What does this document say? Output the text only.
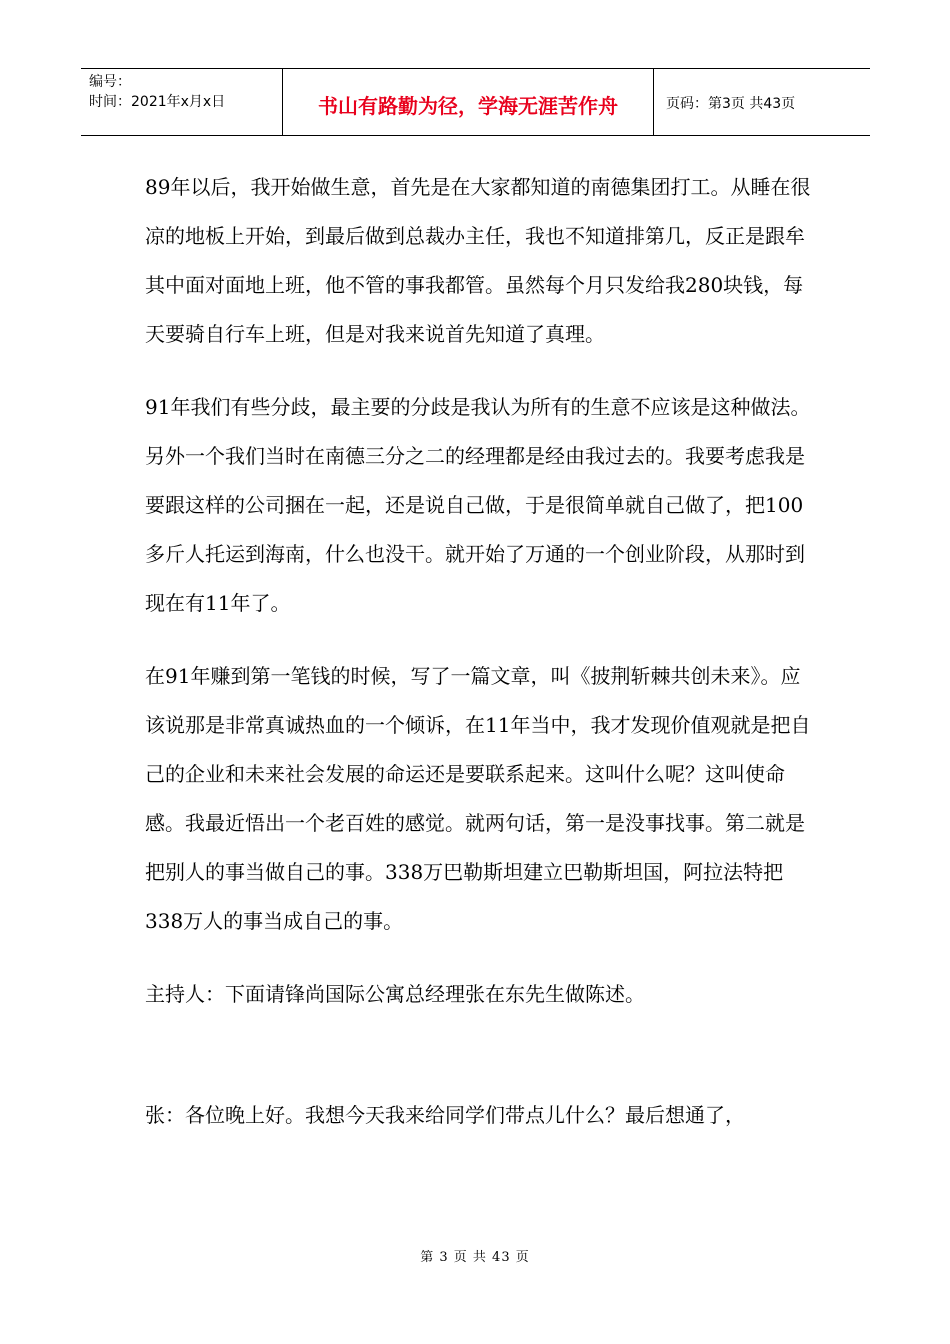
编号：
时间：2021年x月x日	书山有路勤为径，学海无涯苦作舟	页码：第3页 共43页

89年以后，我开始做生意，首先是在大家都知道的南德集团打工。从睡在很凉的地板上开始，到最后做到总裁办主任，我也不知道排第几，反正是跟牟其中面对面地上班，他不管的事我都管。虽然每个月只发给我280块钱，每天要骑自行车上班，但是对我来说首先知道了真理。

91年我们有些分歧，最主要的分歧是我认为所有的生意不应该是这种做法。另外一个我们当时在南德三分之二的经理都是经由我过去的。我要考虑我是要跟这样的公司捆在一起，还是说自己做，于是很简单就自己做了，把100多斤人托运到海南，什么也没干。就开始了万通的一个创业阶段，从那时到现在有11年了。

在91年赚到第一笔钱的时候，写了一篇文章，叫《披荆斩棘共创未来》。应该说那是非常真诚热血的一个倾诉，在11年当中，我才发现价值观就是把自己的企业和未来社会发展的命运还是要联系起来。这叫什么呢？这叫使命感。我最近悟出一个老百姓的感觉。就两句话，第一是没事找事。第二就是把别人的事当做自己的事。338万巴勒斯坦建立巴勒斯坦国，阿拉法特把338万人的事当成自己的事。

主持人：下面请锋尚国际公寓总经理张在东先生做陈述。

张：各位晚上好。我想今天我来给同学们带点儿什么？最后想通了，

第 3 页 共 43 页
